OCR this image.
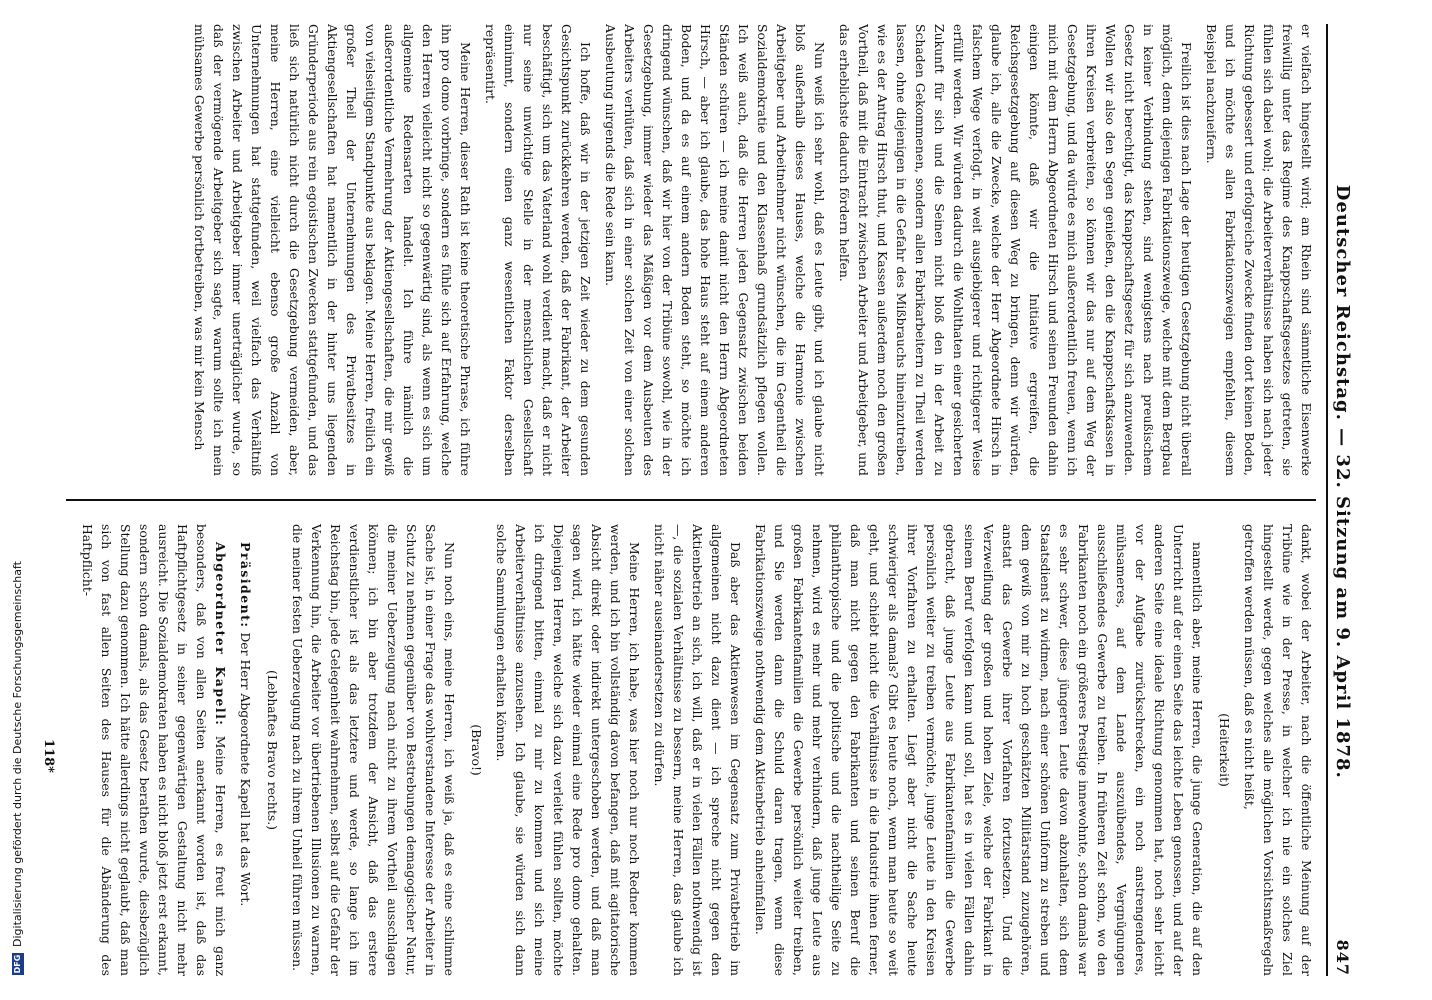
Deutscher Reichstag. — 32. Sitzung am 9. April 1878.
847

er vielfach hingestellt wird; am Rhein sind sämmtliche Eisenwerke freiwillig unter das Regime des Knappschaftsgesetzes getreten, sie fühlen sich dabei wohl; die Arbeiterverhältnisse haben sich nach jeder Richtung gebessert und erfolgreiche Zwecke finden dort keinen Boden, und ich möchte es allen Fabrikationszweigen empfehlen, diesem Beispiel nachzueifern.

Freilich ist dies nach Lage der heutigen Gesetzgebung nicht überall möglich, denn diejenigen Fabrikationszweige, welche mit dem Bergbau in keiner Verbindung stehen, sind wenigstens nach preußischem Gesetz nicht berechtigt, das Knappschaftsgesetz für sich anzuwenden. Wollen wir also den Segen genießen, den die Knappschaftskassen in ihren Kreisen verbreiten, so können wir das nur auf dem Weg der Gesetzgebung, und da würde es mich außerordentlich freuen, wenn ich mich mit dem Herrn Abgeordneten Hirsch und seinen Freunden dahin einigen könnte, daß wir die Initiative ergreifen, die Reichsgesetzgebung auf diesen Weg zu bringen, denn wir würden, glaube ich, alle die Zwecke, welche der Herr Abgeordnete Hirsch in falschem Wege verfolgt, in weit ausgiebigerer und richtigerer Weise erfüllt werden. Wir würden dadurch die Wohlthaten einer gesicherten Zukunft für sich und die Seinen nicht bloß den in der Arbeit zu Schaden Gekommenen, sondern allen Fabrikarbeitern zu Theil werden lassen, ohne diejenigen in die Gefahr des Mißbrauchs hineinzutreiben, wie es der Antrag Hirsch thut, und Kassen außerdem noch den großen Vortheil, daß mit die Eintracht zwischen Arbeiter und Arbeitgeber, und das erheblichste dadurch fördern helfen.

Nun weiß ich sehr wohl, daß es Leute gibt, und ich glaube nicht bloß außerhalb dieses Hauses, welche die Harmonie zwischen Arbeitgeber und Arbeitnehmer nicht wünschen, die im Gegentheil die Sozialdemokratie und den Klassenhaß grundsätzlich pflegen wollen. Ich weiß auch, daß die Herren jeden Gegensatz zwischen beiden Ständen schüren — ich meine damit nicht den Herrn Abgeordneten Hirsch, — aber ich glaube, das hohe Haus steht auf einem anderen Boden, und da es auf einem andern Boden steht, so möchte ich dringend wünschen, daß wir hier von der Tribüne sowohl, wie in der Gesetzgebung, immer wieder das Mäßigen vor dem Ausbeuten des Arbeiters verhüten, daß sich in einer solchen Zeit von einer solchen Ausbeutung nirgends die Rede sein kann.

Ich hoffe, daß wir in der jetzigen Zeit wieder zu dem gesunden Gesichtspunkt zurückkehren werden, daß der Fabrikant, der Arbeiter beschäftigt, sich um das Vaterland wohl verdient macht, daß er nicht nur seine unwichtige Stelle in der menschlichen Gesellschaft einnimmt, sondern einen ganz wesentlichen Faktor derselben repräsentirt.

Meine Herren, dieser Rath ist keine theoretische Phrase, ich führe ihn pro domo vorbringe, sondern es fühle sich auf Erfahrung, welche den Herren vielleicht nicht so gegenwärtig sind, als wenn es sich um allgemeine Redensarten handelt. Ich führe nämlich die außerordentliche Vermehrung der Aktiengesellschaften, die mir gewiß von vielseitigem Standpunkte aus beklagen. Meine Herren, freilich ein großer Theil der Unternehmungen des Privatbesitzes in Aktiengesellschaften hat namentlich in der hinter uns liegenden Gründerperiode aus rein egoistischen Zwecken stattgefunden, und das ließ sich natürlich nicht durch die Gesetzgebung vermeiden, aber, meine Herren, eine vielleicht ebenso große Anzahl von Unternehmungen hat stattgefunden, weil vielfach das Verhältniß zwischen Arbeiter und Arbeitgeber immer unerträglicher wurde, so daß der vermögende Arbeitgeber sich sagte, warum sollte ich mein mühsames Gewerbe persönlich fortbetreiben, was mir kein Mensch

dankt, wobei der Arbeiter, nach die öffentliche Meinung auf der Tribüne wie in der Presse, in welcher ich nie ein solches Ziel hingestellt werde, gegen welches alle möglichen Vorsichtsmaßregeln getroffen werden müssen, daß es nicht heißt,

(Heiterkeit)

namentlich aber, meine Herren, die junge Generation, die auf den Unterricht auf der einen Seite das leichte Leben genossen, und auf der anderen Seite eine ideale Richtung genommen hat, noch sehr leicht vor der Aufgabe zurückschrecken, ein noch anstrengenderes, mühsameres, auf dem Lande auszuübendes, Vergnügungen ausschließendes Gewerbe zu treiben. In früheren Zeit schon, wo den Fabrikanten noch ein größeres Prestige innewohnte, schon damals war es sehr schwer, diese jüngeren Leute davon abzuhalten, sich dem Staatsdienst zu widmen, nach einer schönen Uniform zu streben und dem gewiß von mir zu hoch geschätzten Militärstand zuzugehören, anstatt das Gewerbe ihrer Vorfahren fortzusetzen. Und die Verzweiflung der großen und hohen Ziele, welche der Fabrikant in seinem Beruf verfolgen kann und soll, hat es in vielen Fällen dahin gebracht, daß junge Leute aus Fabrikantenfamilien die Gewerbe persönlich weiter zu treiben vermöchte, junge Leute in den Kreisen ihrer Vorfahren zu erhalten. Liegt aber nicht die Sache heute schwieriger als damals? Gibt es heute noch, wenn man heute so weit geht, und schiebt nicht die Verhältnisse in die Industrie ihnen ferner, daß man nicht gegen den Fabrikanten und seinen Beruf die philanthropische und die politische und die nachtheilige Seite zu nehmen, wird es mehr und mehr verhindern, daß junge Leute aus großen Fabrikantenfamilien die Gewerbe persönlich weiter treiben, und Sie werden dann die Schuld daran tragen, wenn diese Fabrikationszweige nothwendig dem Aktienbetrieb anheimfallen.

Daß aber das Aktienwesen im Gegensatz zum Privatbetrieb im allgemeinen nicht dazu dient — ich spreche nicht gegen den Aktienbetrieb an sich, ich will, daß er in vielen Fällen nothwendig ist —, die sozialen Verhältnisse zu bessern, meine Herren, das glaube ich nicht näher auseinandersetzen zu dürfen.

Meine Herren, ich habe, was hier noch nur noch Redner kommen werden, und ich bin vollständig davon befangen, daß mit agitatorische Absicht direkt oder indirekt untergeschoben werden, und daß man sagen wird, ich hätte wieder einmal eine Rede pro domo gehalten. Diejenigen Herren, welche sich dazu verleitet fühlen sollten, möchte ich dringend bitten, einmal zu mir zu kommen und sich meine Arbeiterverhältnisse anzusehen. Ich glaube, sie würden sich dann solche Sammlungen erhalten können.

(Bravo!)

Nun noch eins, meine Herren, ich weiß ja, daß es eine schlimme Sache ist, in einer Frage das wohlverstandene Interesse der Arbeiter in Schutz zu nehmen gegenüber von Bestrebungen demagogischer Natur, die meiner Ueberzeugung nach nicht zu ihrem Vortheil ausschlagen können; ich bin aber trotzdem der Ansicht, daß das erstere verdienstlicher ist als das letztere und werde, so lange ich im Reichstag bin, jede Gelegenheit wahrnehmen, selbst auf die Gefahr der Verkennung hin, die Arbeiter vor übertriebenen Illusionen zu warnen, die meiner festen Ueberzeugung nach zu ihrem Unheil führen müssen.

(Lebhaftes Bravo rechts.)

Präsident: Der Herr Abgeordnete Kapell hat das Wort.

Abgeordneter Kapell: Meine Herren, es freut mich ganz besonders, daß von allen Seiten anerkannt worden ist, daß das Haftpflichtgesetz in seiner gegenwärtigen Gestaltung nicht mehr ausreicht. Die Sozialdemokraten haben es nicht bloß jetzt erst erkannt, sondern schon damals, als das Gesetz berathen wurde, diesbezüglich Stellung dazu genommen. Ich hätte allerdings nicht geglaubt, daß man sich von fast allen Seiten des Hauses für die Abänderung des Haftpflicht-

118*
DFG
Digitalisierung gefördert durch die Deutsche Forschungsgemeinschaft
